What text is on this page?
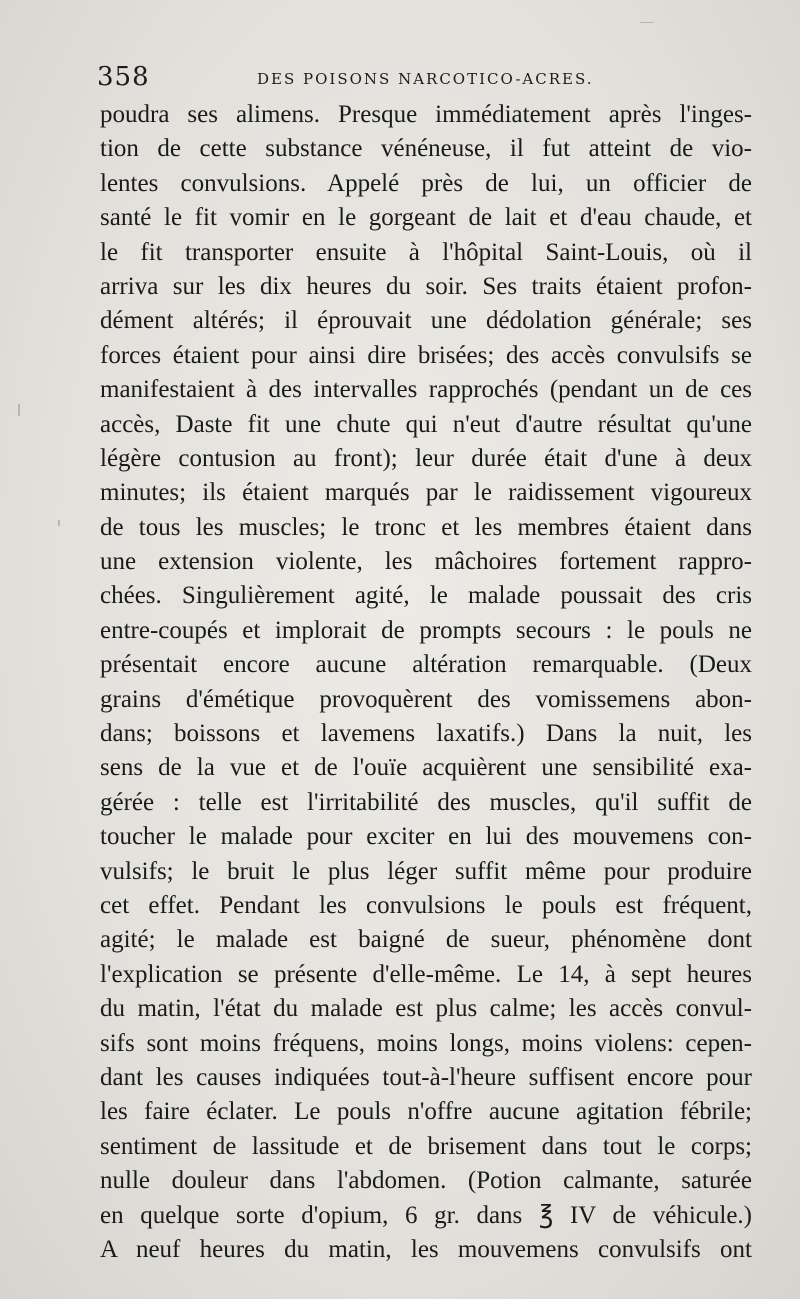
358	DES POISONS NARCOTICO-ACRES.
poudra ses alimens. Presque immédiatement après l'inges-
tion de cette substance vénéneuse, il fut atteint de vio-
lentes convulsions. Appelé près de lui, un officier de
santé le fit vomir en le gorgeant de lait et d'eau chaude, et
le fit transporter ensuite à l'hôpital Saint-Louis, où il
arriva sur les dix heures du soir. Ses traits étaient profon-
dément altérés; il éprouvait une dédolation générale; ses
forces étaient pour ainsi dire brisées; des accès convulsifs se
manifestaient à des intervalles rapprochés (pendant un de ces
accès, Daste fit une chute qui n'eut d'autre résultat qu'une
légère contusion au front); leur durée était d'une à deux
minutes; ils étaient marqués par le raidissement vigoureux
de tous les muscles; le tronc et les membres étaient dans
une extension violente, les mâchoires fortement rappro-
chées. Singulièrement agité, le malade poussait des cris
entre-coupés et implorait de prompts secours : le pouls ne
présentait encore aucune altération remarquable. (Deux
grains d'émétique provoquèrent des vomissemens abon-
dans; boissons et lavemens laxatifs.) Dans la nuit, les
sens de la vue et de l'ouïe acquièrent une sensibilité exa-
gérée : telle est l'irritabilité des muscles, qu'il suffit de
toucher le malade pour exciter en lui des mouvemens con-
vulsifs; le bruit le plus léger suffit même pour produire
cet effet. Pendant les convulsions le pouls est fréquent,
agité; le malade est baigné de sueur, phénomène dont
l'explication se présente d'elle-même. Le 14, à sept heures
du matin, l'état du malade est plus calme; les accès convul-
sifs sont moins fréquens, moins longs, moins violens: cepen-
dant les causes indiquées tout-à-l'heure suffisent encore pour
les faire éclater. Le pouls n'offre aucune agitation fébrile;
sentiment de lassitude et de brisement dans tout le corps;
nulle douleur dans l'abdomen. (Potion calmante, saturée
en quelque sorte d'opium, 6 gr. dans ℥ IV de véhicule.)
A neuf heures du matin, les mouvemens convulsifs ont
